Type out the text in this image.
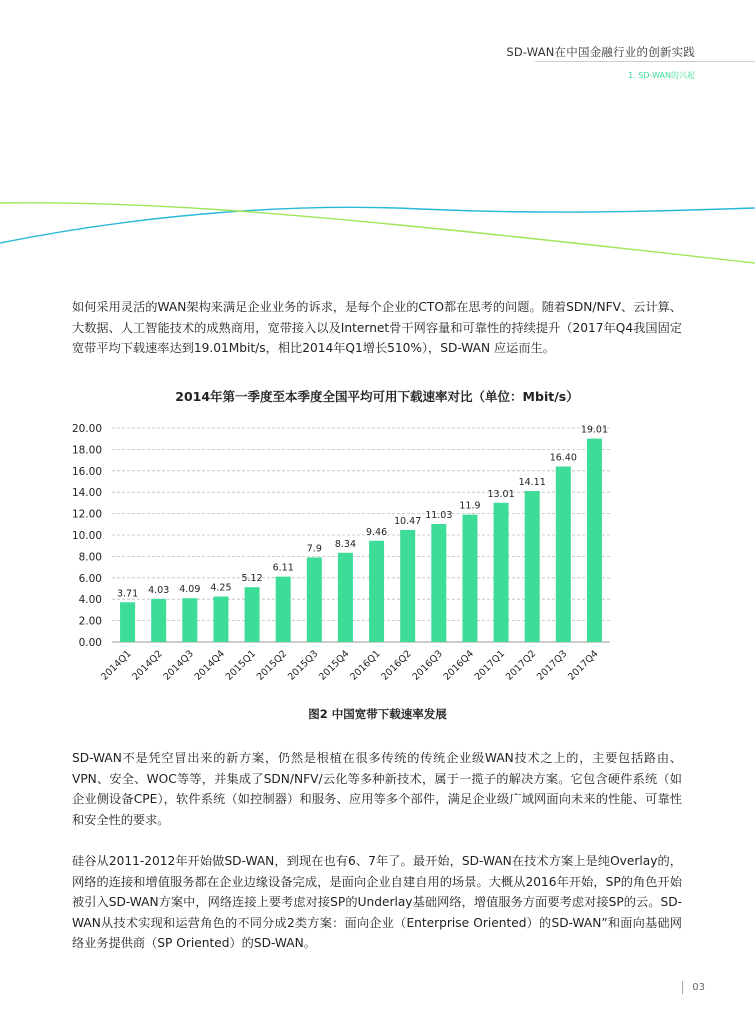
SD-WAN在中国金融行业的创新实践
1. SD-WAN的兴起

如何采用灵活的WAN架构来满足企业业务的诉求，是每个企业的CTO都在思考的问题。随着SDN/NFV、云计算、大数据、人工智能技术的成熟商用，宽带接入以及Internet骨干网容量和可靠性的持续提升（2017年Q4我国固定宽带平均下载速率达到19.01Mbit/s，相比2014年Q1增长510%），SD-WAN 应运而生。

2014年第一季度至本季度全国平均可用下载速率对比（单位：Mbit/s）
3.71 4.03 4.09 4.25
5.12
6.11
7.9 8.34
9.46
10.47
11.03
11.9
13.01
14.11
16.40
19.01
0.00
2.00
4.00
6.00
8.00
10.00
12.00
14.00
16.00
18.00
20.00
2014Q1
2014Q2
2014Q3
2014Q4
2015Q1
2015Q2
2015Q3
2015Q4
2016Q1
2016Q2
2016Q3
2016Q4
2017Q1
2017Q2
2017Q3
2017Q4
图2 中国宽带下载速率发展

SD-WAN不是凭空冒出来的新方案，仍然是根植在很多传统的传统企业级WAN技术之上的，主要包括路由、VPN、安全、WOC等等，并集成了SDN/NFV/云化等多种新技术，属于一揽子的解决方案。它包含硬件系统（如企业侧设备CPE），软件系统（如控制器）和服务、应用等多个部件，满足企业级广域网面向未来的性能、可靠性和安全性的要求。

硅谷从2011-2012年开始做SD-WAN，到现在也有6、7年了。最开始，SD-WAN在技术方案上是纯Overlay的，网络的连接和增值服务都在企业边缘设备完成，是面向企业自建自用的场景。大概从2016年开始，SP的角色开始被引入SD-WAN方案中，网络连接上要考虑对接SP的Underlay基础网络，增值服务方面要考虑对接SP的云。SD-WAN从技术实现和运营角色的不同分成2类方案：面向企业（Enterprise Oriented）的SD-WAN”和面向基础网络业务提供商（SP Oriented）的SD-WAN。

03
